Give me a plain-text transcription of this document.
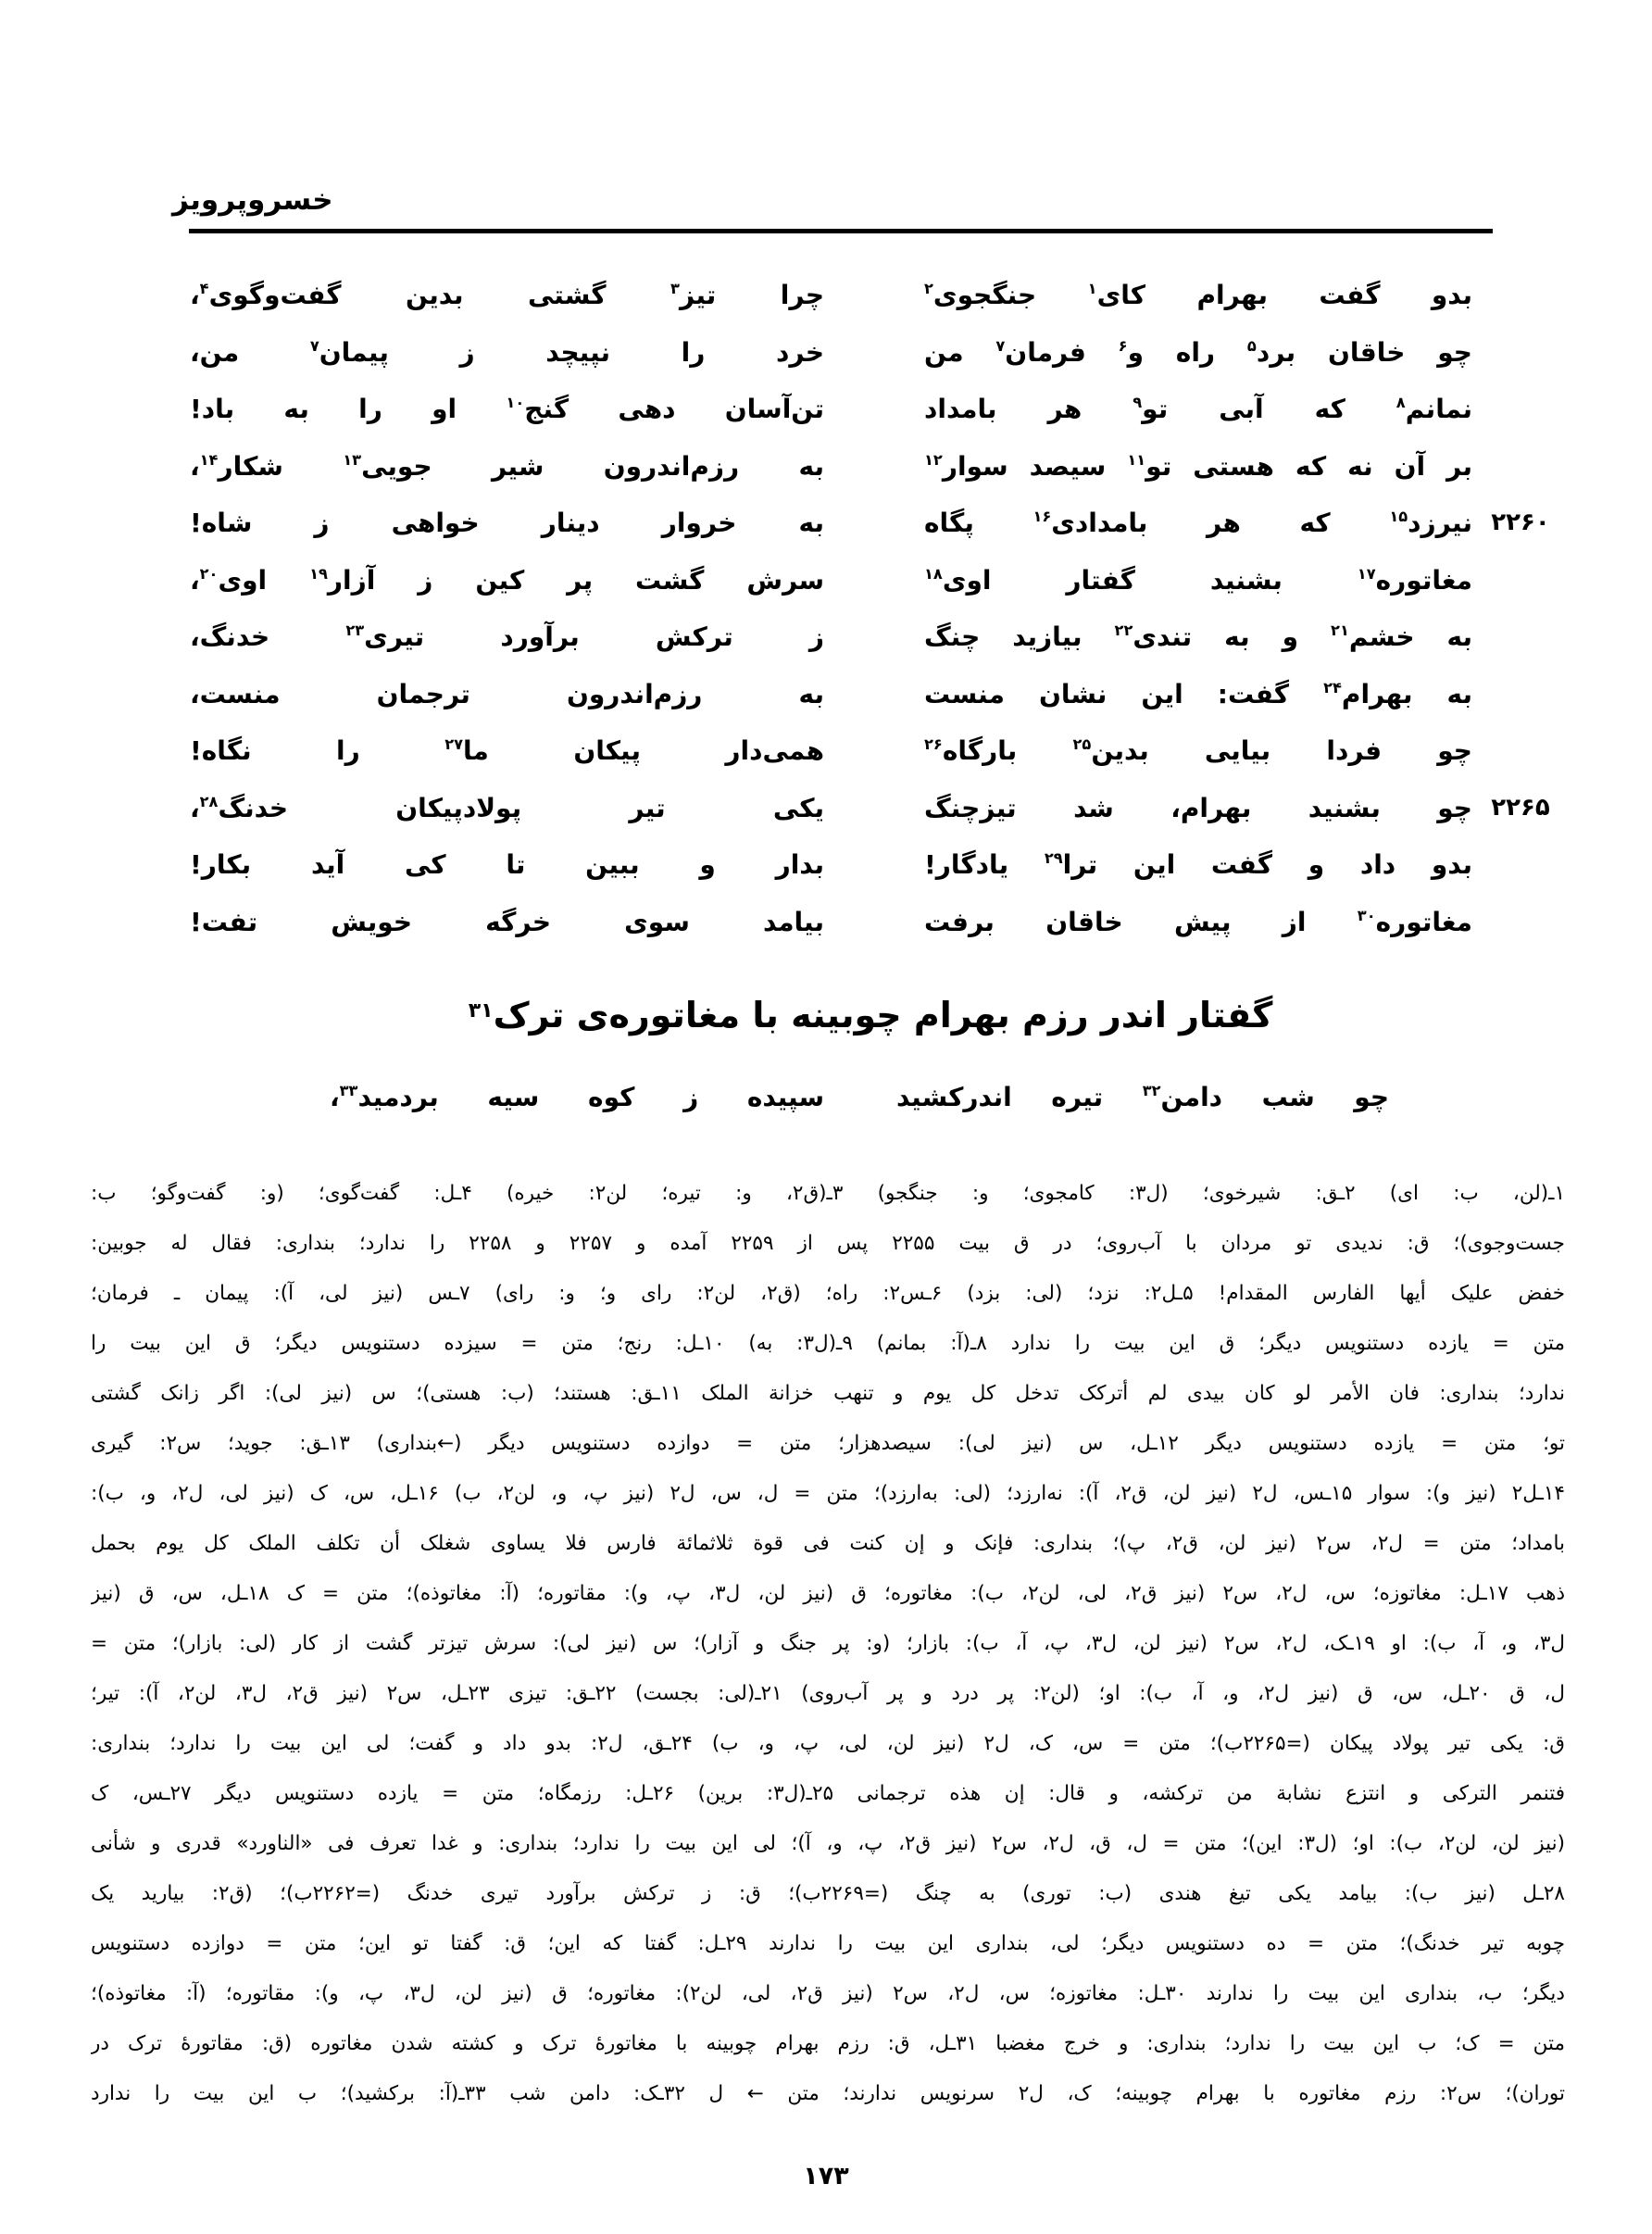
خسروپرویز
بدو گفت بهرام کای$^۱$ جنگجوی$^۲$
چرا تیز$^۳$ گشتی بدین گفت‌وگوی$^۴$،
چو خاقان برد$^۵$ راه و$^۶$ فرمان$^۷$ من
خرد را نپیچد ز پیمان$^۷$ من،
نمانم$^۸$ که آبی تو$^۹$ هر بامداد
تن‌آسان دهی گنج$^{۱۰}$ او را به باد!
بر آن نه که هستی تو$^{۱۱}$ سیصد سوار$^{۱۲}$
به رزم‌اندرون شیر جویی$^{۱۳}$ شکار$^{۱۴}$،
۲۲۶۰
نیرزد$^{۱۵}$ که هر بامدادی$^{۱۶}$ پگاه
به خروار دینار خواهی ز شاه!
مغاتوره$^{۱۷}$ بشنید گفتار اوی$^{۱۸}$
سرش گشت پر کین ز آزار$^{۱۹}$ اوی$^{۲۰}$،
به خشم$^{۲۱}$ و به تندی$^{۲۲}$ بیازید چنگ
ز ترکش برآورد تیری$^{۲۳}$ خدنگ،
به بهرام$^{۲۴}$ گفت: این نشان منست
به رزم‌اندرون ترجمان منست،
چو فردا بیایی بدین$^{۲۵}$ بارگاه$^{۲۶}$
همی‌دار پیکان ما$^{۲۷}$ را نگاه!
۲۲۶۵
چو بشنید بهرام، شد تیزچنگ
یکی تیر پولادپیکان خدنگ$^{۲۸}$،
بدو داد و گفت این ترا$^{۲۹}$ یادگار!
بدار و ببین تا کی آید بکار!
مغاتوره$^{۳۰}$ از پیش خاقان برفت
بیامد سوی خرگه خویش تفت!
گفتار اندر رزم بهرام چوبینه با مغاتوره‌ی ترک$^{۳۱}$
چو شب دامن$^{۳۲}$ تیره اندرکشید
سپیده ز کوه سیه بردمید$^{۳۳}$،
۱ـ(لن، ب: ای) ۲ـق: شیرخوی؛ (ل۳: کامجوی؛ و: جنگجو) ۳ـ(ق۲، و: تیره؛ لن۲: خیره) ۴ـل: گفت‌گوی؛ (و: گفت‌وگو؛ ب:
جست‌وجوی)؛ ق: ندیدی تو مردان با آب‌روی؛ در ق بیت ۲۲۵۵ پس از ۲۲۵۹ آمده و ۲۲۵۷ و ۲۲۵۸ را ندارد؛ بنداری: فقال له جوبین:
خفض علیک أیها الفارس المقدام! ۵ـل۲: نزد؛ (لی: بزد) ۶ـس۲: راه؛ (ق۲، لن۲: رای و؛ و: رای) ۷ـس (نیز لی، آ): پیمان ـ فرمان؛
متن = یازده دستنویس دیگر؛ ق این بیت را ندارد ۸ـ(آ: بمانم) ۹ـ(ل۳: به) ۱۰ـل: رنج؛ متن = سیزده دستنویس دیگر؛ ق این بیت را
ندارد؛ بنداری: فان الأمر لو کان بیدی لم أترکک تدخل کل یوم و تنهب خزانة الملک ۱۱ـق: هستند؛ (ب: هستی)؛ س (نیز لی): اگر زانک گشتی
تو؛ متن = یازده دستنویس دیگر ۱۲ـل، س (نیز لی): سیصدهزار؛ متن = دوازده دستنویس دیگر (←بنداری) ۱۳ـق: جوید؛ س۲: گیری
۱۴ـل۲ (نیز و): سوار ۱۵ـس، ل۲ (نیز لن، ق۲، آ): نه‌ارزد؛ (لی: به‌ارزد)؛ متن = ل، س، ل۲ (نیز پ، و، لن۲، ب) ۱۶ـل، س، ک (نیز لی، ل۲، و، ب):
بامداد؛ متن = ل۲، س۲ (نیز لن، ق۲، پ)؛ بنداری: فإنک و إن کنت فی قوة ثلاثمائة فارس فلا یساوی شغلک أن تکلف الملک کل یوم بحمل
ذهب ۱۷ـل: مغاتوزه؛ س، ل۲، س۲ (نیز ق۲، لی، لن۲، ب): مغاتوره؛ ق (نیز لن، ل۳، پ، و): مقاتوره؛ (آ: مغاتوذه)؛ متن = ک ۱۸ـل، س، ق (نیز
ل۳، و، آ، ب): او ۱۹ـک، ل۲، س۲ (نیز لن، ل۳، پ، آ، ب): بازار؛ (و: پر جنگ و آزار)؛ س (نیز لی): سرش تیزتر گشت از کار (لی: بازار)؛ متن =
ل، ق ۲۰ـل، س، ق (نیز ل۲، و، آ، ب): او؛ (لن۲: پر درد و پر آب‌روی) ۲۱ـ(لی: بجست) ۲۲ـق: تیزی ۲۳ـل، س۲ (نیز ق۲، ل۳، لن۲، آ): تیر؛
ق: یکی تیر پولاد پیکان (=۲۲۶۵ب)؛ متن = س، ک، ل۲ (نیز لن، لی، پ، و، ب) ۲۴ـق، ل۲: بدو داد و گفت؛ لی این بیت را ندارد؛ بنداری:
فتنمر الترکی و انتزع نشابة من ترکشه، و قال: إن هذه ترجمانی ۲۵ـ(ل۳: برین) ۲۶ـل: رزمگاه؛ متن = یازده دستنویس دیگر ۲۷ـس، ک
(نیز لن، لن۲، ب): او؛ (ل۳: این)؛ متن = ل، ق، ل۲، س۲ (نیز ق۲، پ، و، آ)؛ لی این بیت را ندارد؛ بنداری: و غدا تعرف فی «الناورد» قدری و شأنی
۲۸ـل (نیز ب): بیامد یکی تیغ هندی (ب: توری) به چنگ (=۲۲۶۹ب)؛ ق: ز ترکش برآورد تیری خدنگ (=۲۲۶۲ب)؛ (ق۲: بیارید یک
چوبه تیر خدنگ)؛ متن = ده دستنویس دیگر؛ لی، بنداری این بیت را ندارند ۲۹ـل: گفتا که این؛ ق: گفتا تو این؛ متن = دوازده دستنویس
دیگر؛ ب، بنداری این بیت را ندارند ۳۰ـل: مغاتوزه؛ س، ل۲، س۲ (نیز ق۲، لی، لن۲): مغاتوره؛ ق (نیز لن، ل۳، پ، و): مقاتوره؛ (آ: مغاتوذه)؛
متن = ک؛ ب این بیت را ندارد؛ بنداری: و خرج مغضبا ۳۱ـل، ق: رزم بهرام چوبینه با مغاتورهٔ ترک و کشته شدن مغاتوره (ق: مقاتورهٔ ترک در
توران)؛ س۲: رزم مغاتوره با بهرام چوبینه؛ ک، ل۲ سرنویس ندارند؛ متن ← ل ۳۲ـک: دامن شب ۳۳ـ(آ: برکشید)؛ ب این بیت را ندارد
۱۷۳
